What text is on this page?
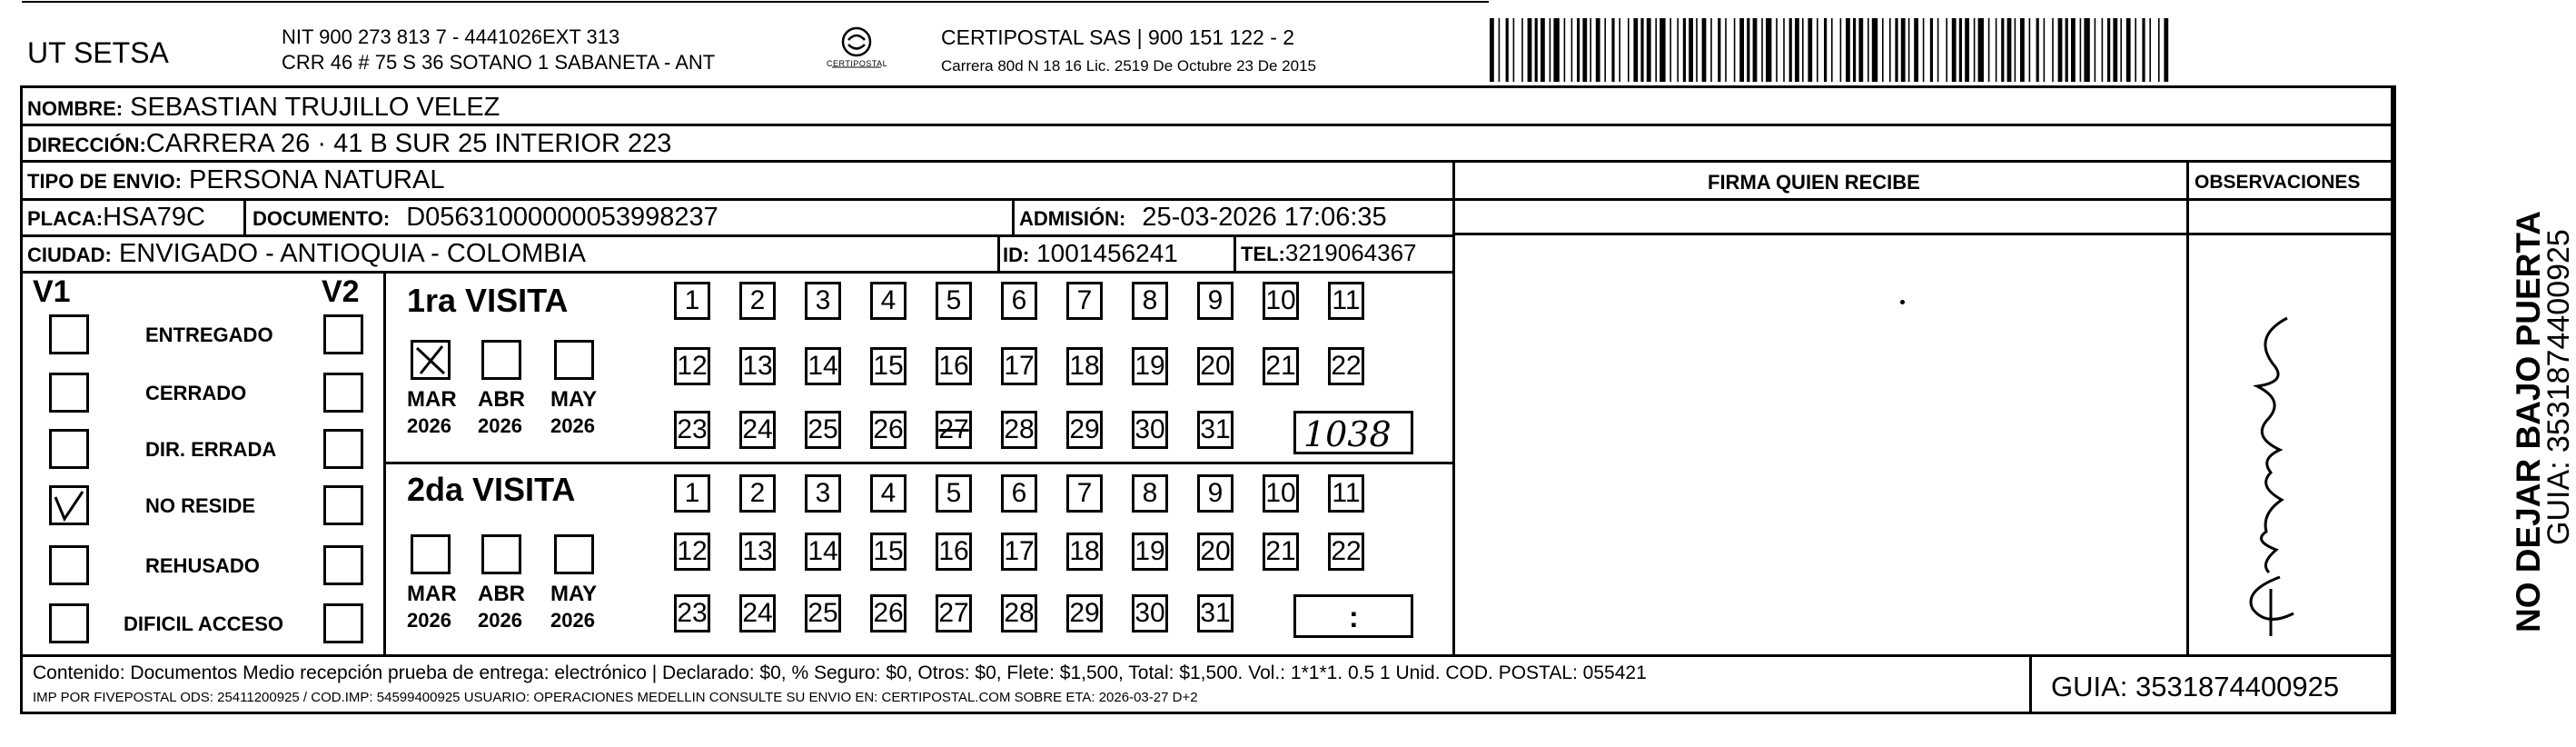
UT SETSA	NIT 900 273 813 7 - 4441026EXT 313
CRR 46 # 75 S 36 SOTANO 1 SABANETA - ANT	CERTIPOSTAL
CERTIPOSTAL SAS | 900 151 122 - 2
Carrera 80d N 18 16 Lic. 2519 De Octubre 23 De 2015
NOMBRE: SEBASTIAN TRUJILLO VELEZ
DIRECCIÓN:CARRERA 26 · 41 B SUR 25 INTERIOR 223
TIPO DE ENVIO: PERSONA NATURAL
PLACA:HSA79C DOCUMENTO: D05631000000053998237	ADMISIÓN: 25-03-2026 17:06:35
CIUDAD: ENVIGADO - ANTIOQUIA - COLOMBIA	ID: 1001456241	TEL:3219064367
FIRMA QUIEN RECIBE	OBSERVACIONES
V1	V2
ENTREGADO
CERRADO
DIR. ERRADA
NO RESIDE
REHUSADO
DIFICIL ACCESO
1ra VISITA
MAR
2026
ABR
2026
MAY
2026
1	2	3	4	5	6	7	8	9	10 11
12 13 14 15 16 17 18 19 20 21 22
23 24 25 26 27 28 29 30 31 1038
2da VISITA
MAR
2026
ABR
2026
MAY
2026
1	2	3	4	5	6	7	8	9	10 11
12 13 14 15 16 17 18 19 20 21 22
23 24 25 26 27 28 29 30 31	:
Contenido: Documentos Medio recepción prueba de entrega: electrónico | Declarado: $0, % Seguro: $0, Otros: $0, Flete: $1,500, Total: $1,500. Vol.: 1*1*1. 0.5 1 Unid. COD. POSTAL: 055421
IMP POR FIVEPOSTAL ODS: 25411200925 / COD.IMP: 54599400925 USUARIO: OPERACIONES MEDELLIN CONSULTE SU ENVIO EN: CERTIPOSTAL.COM SOBRE ETA: 2026-03-27 D+2	GUIA: 3531874400925
NO DEJAR BAJO PUERTA
GUIA: 3531874400925
